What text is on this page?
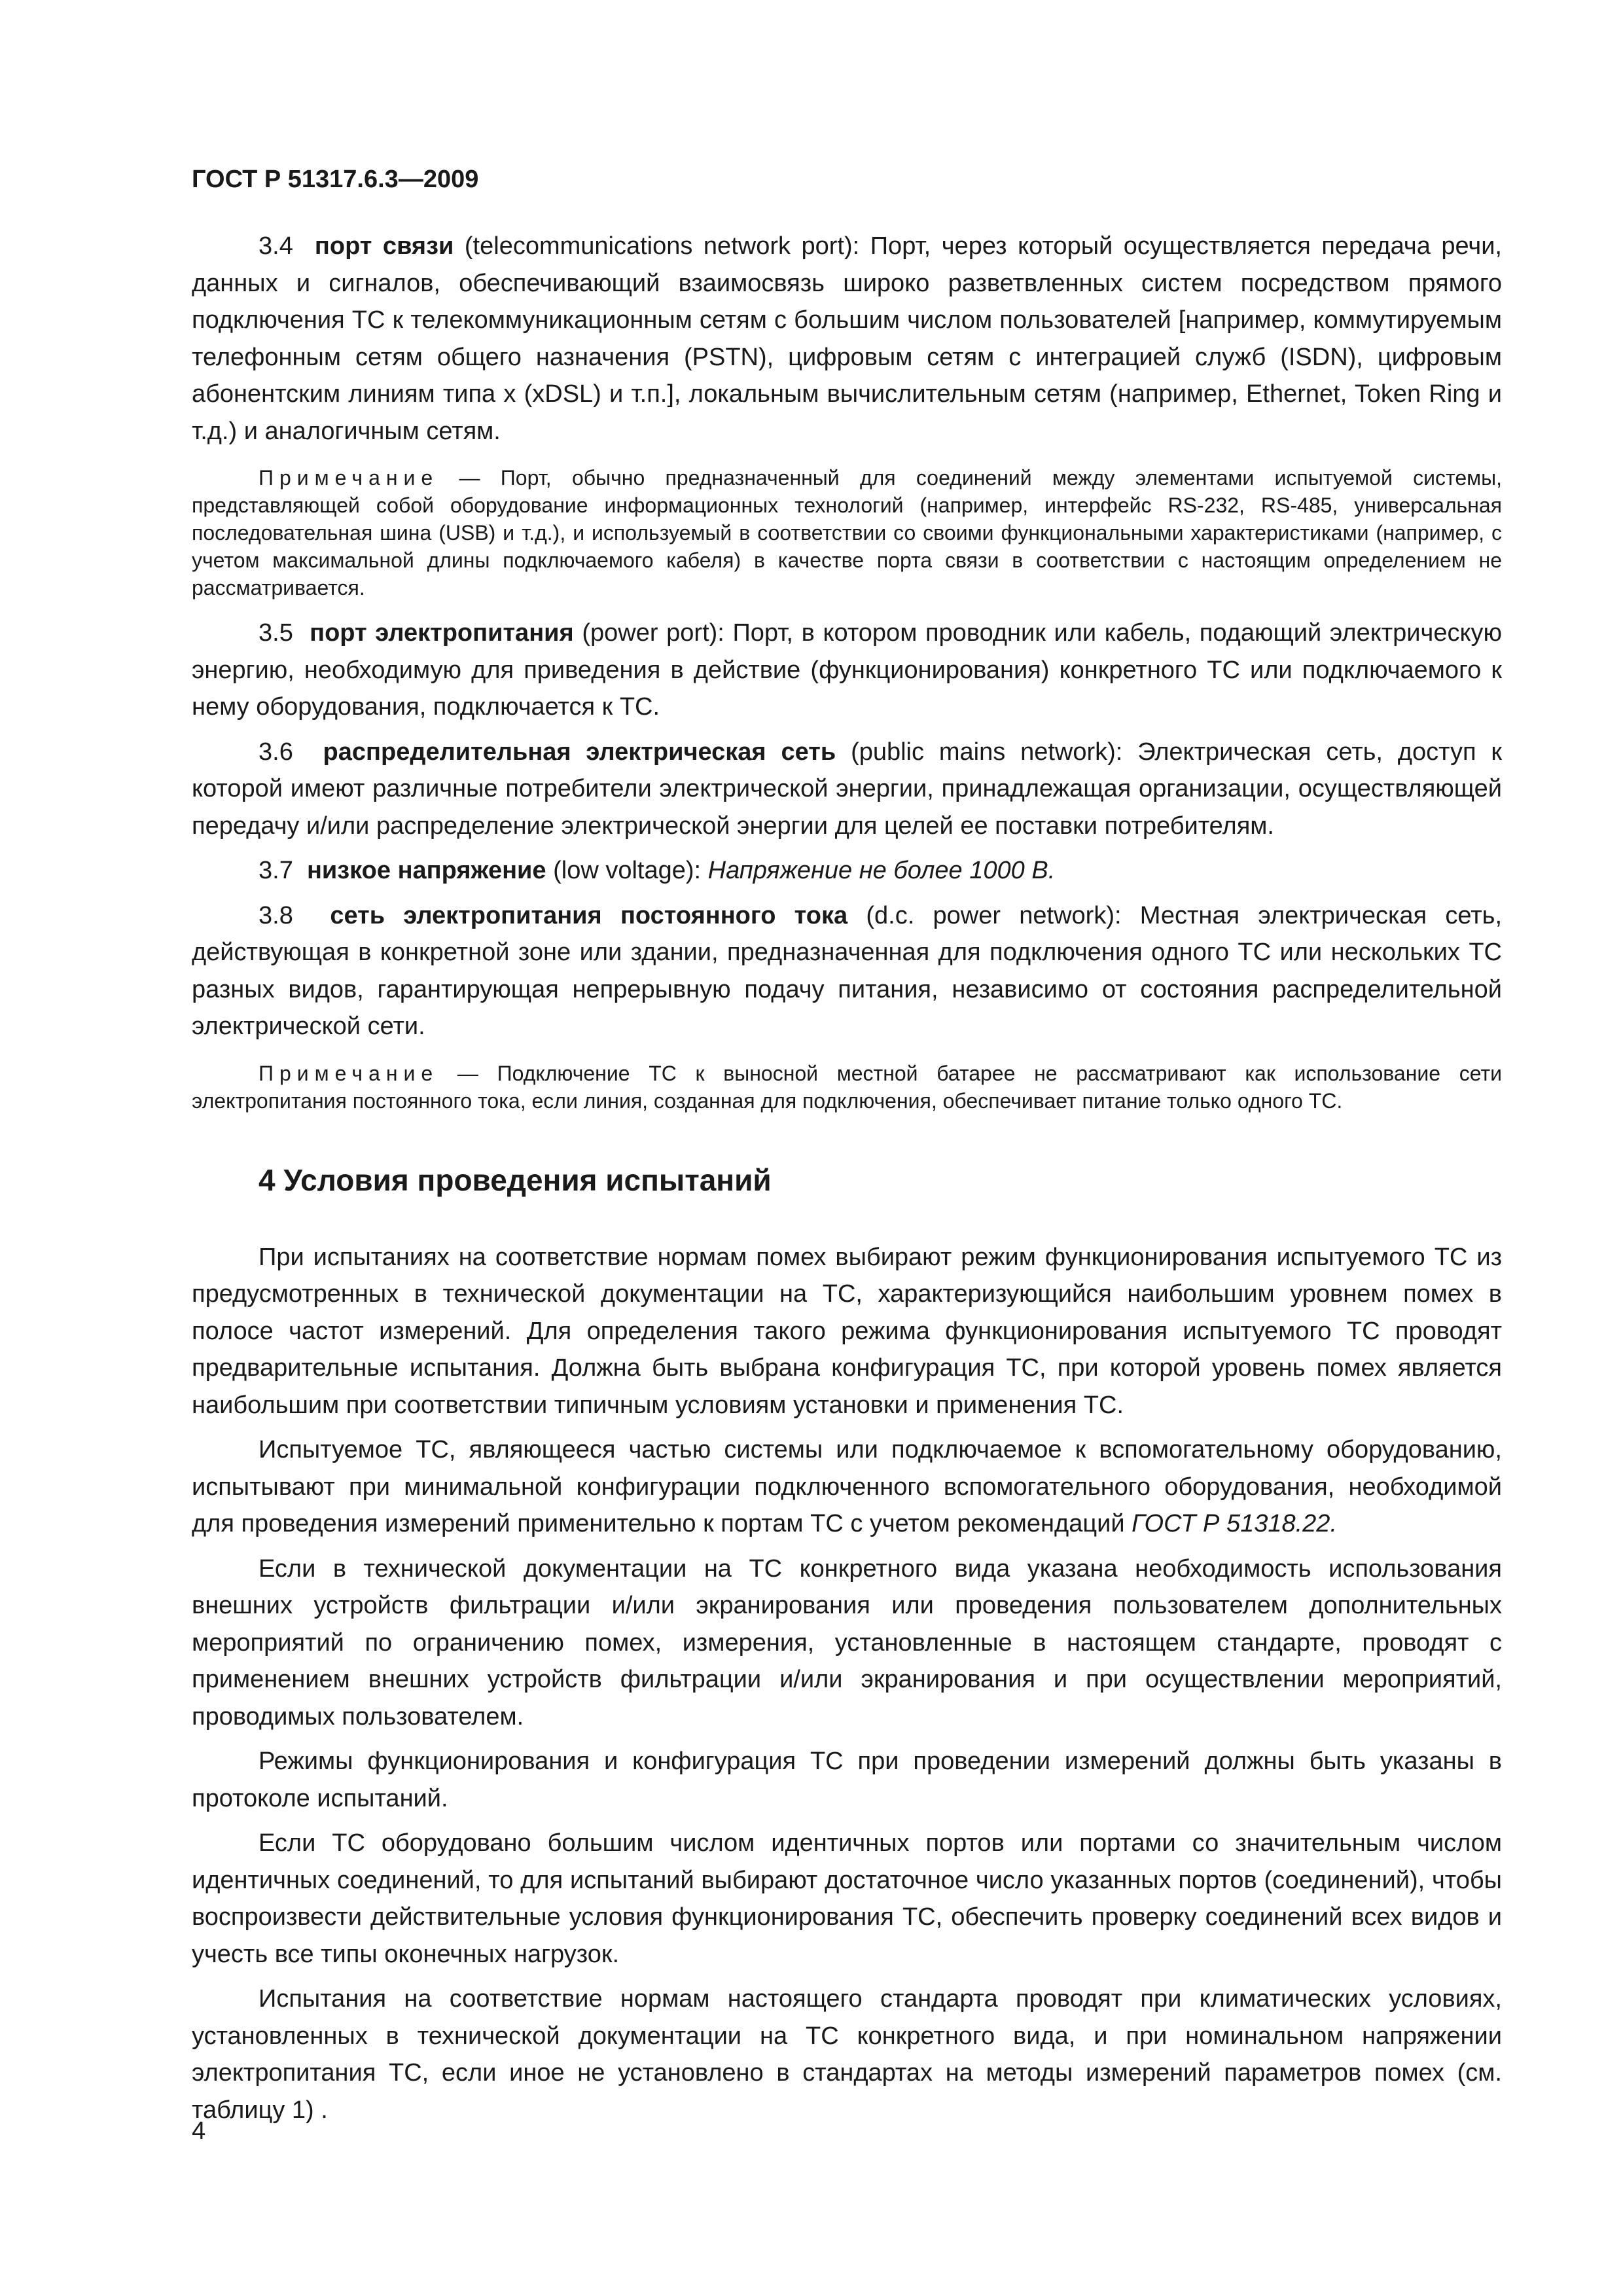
ГОСТ Р 51317.6.3—2009

3.4 порт связи (telecommunications network port): Порт, через который осуществляется передача речи, данных и сигналов, обеспечивающий взаимосвязь широко разветвленных систем посредством прямого подключения ТС к телекоммуникационным сетям с большим числом пользователей [например, коммутируемым телефонным сетям общего назначения (PSTN), цифровым сетям с интеграцией служб (ISDN), цифровым абонентским линиям типа x (xDSL) и т.п.], локальным вычислительным сетям (например, Ethernet, Token Ring и т.д.) и аналогичным сетям.

Примечание — Порт, обычно предназначенный для соединений между элементами испытуемой системы, представляющей собой оборудование информационных технологий (например, интерфейс RS-232, RS-485, универсальная последовательная шина (USB) и т.д.), и используемый в соответствии со своими функциональными характеристиками (например, с учетом максимальной длины подключаемого кабеля) в качестве порта связи в соответствии с настоящим определением не рассматривается.

3.5 порт электропитания (power port): Порт, в котором проводник или кабель, подающий электрическую энергию, необходимую для приведения в действие (функционирования) конкретного ТС или подключаемого к нему оборудования, подключается к ТС.

3.6 распределительная электрическая сеть (public mains network): Электрическая сеть, доступ к которой имеют различные потребители электрической энергии, принадлежащая организации, осуществляющей передачу и/или распределение электрической энергии для целей ее поставки потребителям.

3.7 низкое напряжение (low voltage): Напряжение не более 1000 В.

3.8 сеть электропитания постоянного тока (d.c. power network): Местная электрическая сеть, действующая в конкретной зоне или здании, предназначенная для подключения одного ТС или нескольких ТС разных видов, гарантирующая непрерывную подачу питания, независимо от состояния распределительной электрической сети.

Примечание — Подключение ТС к выносной местной батарее не рассматривают как использование сети электропитания постоянного тока, если линия, созданная для подключения, обеспечивает питание только одного ТС.

4 Условия проведения испытаний

При испытаниях на соответствие нормам помех выбирают режим функционирования испытуемого ТС из предусмотренных в технической документации на ТС, характеризующийся наибольшим уровнем помех в полосе частот измерений. Для определения такого режима функционирования испытуемого ТС проводят предварительные испытания. Должна быть выбрана конфигурация ТС, при которой уровень помех является наибольшим при соответствии типичным условиям установки и применения ТС.

Испытуемое ТС, являющееся частью системы или подключаемое к вспомогательному оборудованию, испытывают при минимальной конфигурации подключенного вспомогательного оборудования, необходимой для проведения измерений применительно к портам ТС с учетом рекомендаций ГОСТ Р 51318.22.

Если в технической документации на ТС конкретного вида указана необходимость использования внешних устройств фильтрации и/или экранирования или проведения пользователем дополнительных мероприятий по ограничению помех, измерения, установленные в настоящем стандарте, проводят с применением внешних устройств фильтрации и/или экранирования и при осуществлении мероприятий, проводимых пользователем.

Режимы функционирования и конфигурация ТС при проведении измерений должны быть указаны в протоколе испытаний.

Если ТС оборудовано большим числом идентичных портов или портами со значительным числом идентичных соединений, то для испытаний выбирают достаточное число указанных портов (соединений), чтобы воспроизвести действительные условия функционирования ТС, обеспечить проверку соединений всех видов и учесть все типы оконечных нагрузок.

Испытания на соответствие нормам настоящего стандарта проводят при климатических условиях, установленных в технической документации на ТС конкретного вида, и при номинальном напряжении электропитания ТС, если иное не установлено в стандартах на методы измерений параметров помех (см. таблицу 1) .

4
